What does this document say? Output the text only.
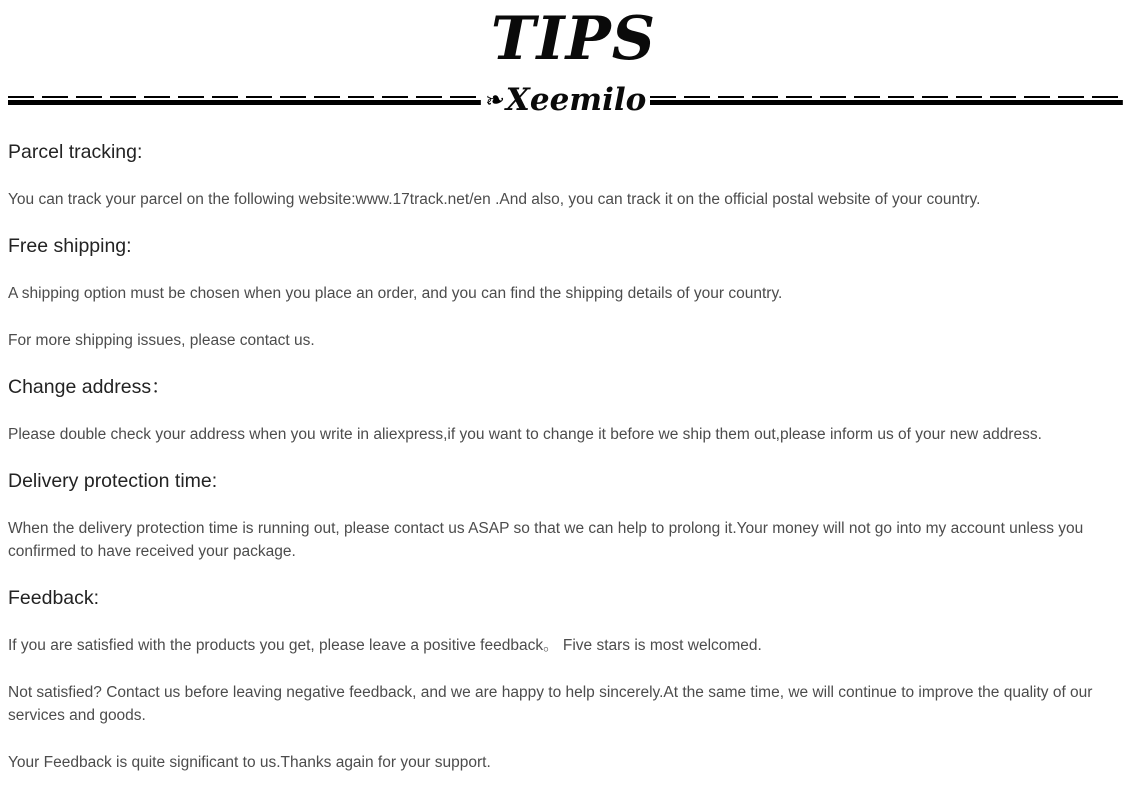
TIPS
❧
Xeemilo
Parcel tracking:

You can track your parcel on the following website:www.17track.net/en .And also, you can track it on the official postal website of your country.

Free shipping:

A shipping option must be chosen when you place an order, and you can find the shipping details of your country.

For more shipping issues, please contact us.

Change address：

Please double check your address when you write in aliexpress,if you want to change it before we ship them out,please inform us of your new address.

Delivery protection time:

When the delivery protection time is running out, please contact us ASAP so that we can help to prolong it.Your money will not go into my account unless you confirmed to have received your package.

Feedback:

If you are satisfied with the products you get, please leave a positive feedback。 Five stars is most welcomed.

Not satisfied? Contact us before leaving negative feedback, and we are happy to help sincerely.At the same time, we will continue to improve the quality of our services and goods.

Your Feedback is quite significant to us.Thanks again for your support.
